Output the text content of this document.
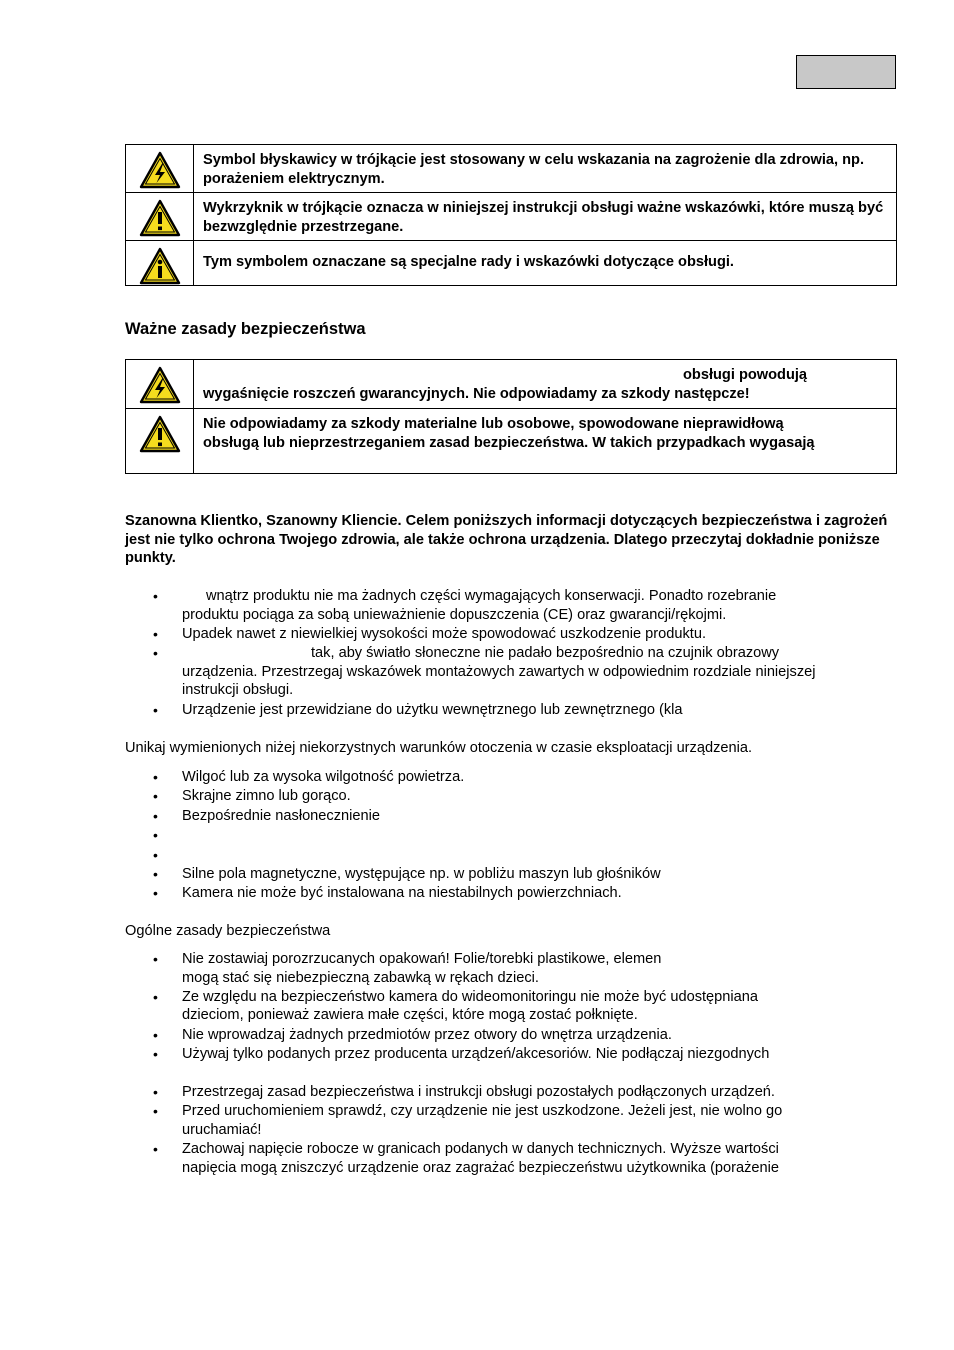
	Symbol błyskawicy w trójkącie jest stosowany w celu wskazania na zagrożenie dla zdrowia, np. porażeniem elektrycznym.

	Wykrzyknik w trójkącie oznacza w niniejszej instrukcji obsługi ważne wskazówki, które muszą być bezwzględnie przestrzegane.

	Tym symbolem oznaczane są specjalne rady i wskazówki dotyczące obsługi.
Ważne zasady bezpieczeństwa

obsługi powodują
wygaśnięcie roszczeń gwarancyjnych. Nie odpowiadamy za szkody następcze!

Nie odpowiadamy za szkody materialne lub osobowe, spowodowane nieprawidłową
obsługą lub nieprzestrzeganiem zasad bezpieczeństwa. W takich przypadkach wygasają
Szanowna Klientko, Szanowny Kliencie. Celem poniższych informacji dotyczących bezpieczeństwa i zagrożeń jest nie tylko ochrona Twojego zdrowia, ale także ochrona urządzenia. Dlatego przeczytaj dokładnie poniższe punkty.
•	wnątrz produktu nie ma żadnych części wymagających konserwacji. Ponadto rozebranie
produktu pociąga za sobą unieważnienie dopuszczenia (CE) oraz gwarancji/rękojmi.
• Upadek nawet z niewielkiej wysokości może spowodować uszkodzenie produktu.
•	tak, aby światło słoneczne nie padało bezpośrednio na czujnik obrazowy
urządzenia. Przestrzegaj wskazówek montażowych zawartych w odpowiednim rozdziale niniejszej
instrukcji obsługi.
• Urządzenie jest przewidziane do użytku wewnętrznego lub zewnętrznego (kla
Unikaj wymienionych niżej niekorzystnych warunków otoczenia w czasie eksploatacji urządzenia.
• Wilgoć lub za wysoka wilgotność powietrza.
• Skrajne zimno lub gorąco.
• Bezpośrednie nasłonecznienie
•
•
• Silne pola magnetyczne, występujące np. w pobliżu maszyn lub głośników
• Kamera nie może być instalowana na niestabilnych powierzchniach.
Ogólne zasady bezpieczeństwa
• Nie zostawiaj porozrzucanych opakowań! Folie/torebki plastikowe, elemen
mogą stać się niebezpieczną zabawką w rękach dzieci.
• Ze względu na bezpieczeństwo kamera do wideomonitoringu nie może być udostępniana
dzieciom, ponieważ zawiera małe części, które mogą zostać połknięte.
• Nie wprowadzaj żadnych przedmiotów przez otwory do wnętrza urządzenia.
• Używaj tylko podanych przez producenta urządzeń/akcesoriów. Nie podłączaj niezgodnych
• Przestrzegaj zasad bezpieczeństwa i instrukcji obsługi pozostałych podłączonych urządzeń.
• Przed uruchomieniem sprawdź, czy urządzenie nie jest uszkodzone. Jeżeli jest, nie wolno go
uruchamiać!
• Zachowaj napięcie robocze w granicach podanych w danych technicznych. Wyższe wartości
napięcia mogą zniszczyć urządzenie oraz zagrażać bezpieczeństwu użytkownika (porażenie
